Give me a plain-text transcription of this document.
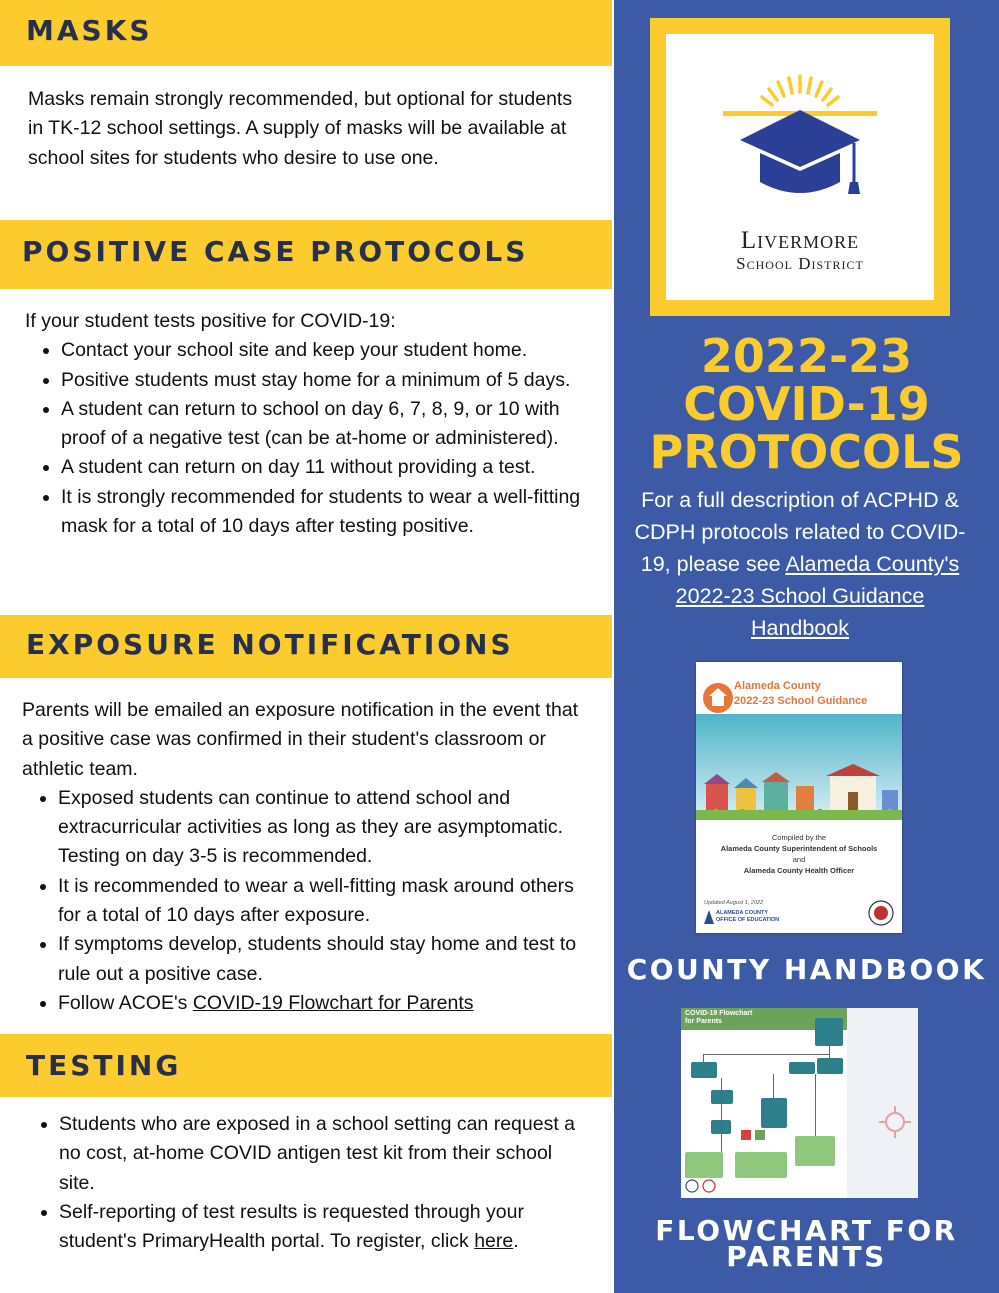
MASKS

Masks remain strongly recommended, but optional for students in TK-12 school settings. A supply of masks will be available at school sites for students who desire to use one.

POSITIVE CASE PROTOCOLS

If your student tests positive for COVID-19:

• Contact your school site and keep your student home.
• Positive students must stay home for a minimum of 5 days.
• A student can return to school on day 6, 7, 8, 9, or 10 with proof of a negative test (can be at-home or administered).
• A student can return on day 11 without providing a test.
• It is strongly recommended for students to wear a well-fitting mask for a total of 10 days after testing positive.
EXPOSURE NOTIFICATIONS

Parents will be emailed an exposure notification in the event that a positive case was confirmed in their student's classroom or athletic team.

• Exposed students can continue to attend school and extracurricular activities as long as they are asymptomatic. Testing on day 3-5 is recommended.
• It is recommended to wear a well-fitting mask around others for a total of 10 days after exposure.
• If symptoms develop, students should stay home and test to rule out a positive case.
• Follow ACOE's COVID-19 Flowchart for Parents
TESTING
• Students who are exposed in a school setting can request a no cost, at-home COVID antigen test kit from their school site.
• Self-reporting of test results is requested through your student's PrimaryHealth portal. To register, click here.
Livermore
School District
2022-23
COVID-19
PROTOCOLS
For a full description of ACPHD & CDPH protocols related to COVID-19, please see Alameda County's 2022-23 School Guidance Handbook
Alameda County
2022-23 School Guidance
Compiled by the
Alameda County Superintendent of Schools
and
Alameda County Health Officer
Updated August 1, 2022
ALAMEDA COUNTY
OFFICE OF EDUCATION
COUNTY HANDBOOK
COVID-19 Flowchart
for Parents
FLOWCHART FOR
PARENTS
